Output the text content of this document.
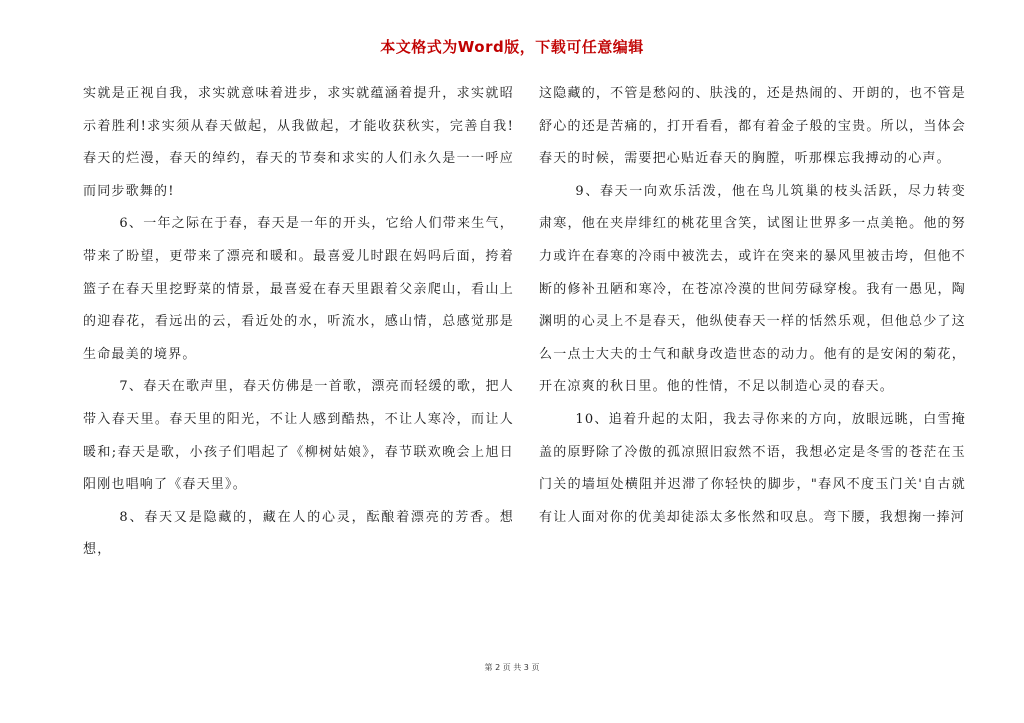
本文格式为Word版，下载可任意编辑

实就是正视自我，求实就意味着进步，求实就蕴涵着提升，求实就昭示着胜利!求实须从春天做起，从我做起，才能收获秋实，完善自我!春天的烂漫，春天的绰约，春天的节奏和求实的人们永久是一一呼应而同步歌舞的!

6、一年之际在于春，春天是一年的开头，它给人们带来生气，带来了盼望，更带来了漂亮和暖和。最喜爱儿时跟在妈吗后面，挎着篮子在春天里挖野菜的情景，最喜爱在春天里跟着父亲爬山，看山上的迎春花，看远出的云，看近处的水，听流水，感山情，总感觉那是生命最美的境界。

7、春天在歌声里，春天仿佛是一首歌，漂亮而轻缓的歌，把人带入春天里。春天里的阳光，不让人感到酷热，不让人寒冷，而让人暖和;春天是歌，小孩子们唱起了《柳树姑娘》，春节联欢晚会上旭日阳刚也唱响了《春天里》。

8、春天又是隐藏的，藏在人的心灵，酝酿着漂亮的芳香。想想，

这隐藏的，不管是愁闷的、肤浅的，还是热闹的、开朗的，也不管是舒心的还是苦痛的，打开看看，都有着金子般的宝贵。所以，当体会春天的时候，需要把心贴近春天的胸膛，听那棵忘我搏动的心声。

9、春天一向欢乐活泼，他在鸟儿筑巢的枝头活跃，尽力转变肃寒，他在夹岸绯红的桃花里含笑，试图让世界多一点美艳。他的努力或许在春寒的冷雨中被洗去，或许在突来的暴风里被击垮，但他不断的修补丑陋和寒冷，在苍凉冷漠的世间劳碌穿梭。我有一愚见，陶渊明的心灵上不是春天，他纵使春天一样的恬然乐观，但他总少了这么一点士大夫的士气和献身改造世态的动力。他有的是安闲的菊花，开在凉爽的秋日里。他的性情，不足以制造心灵的春天。

10、追着升起的太阳，我去寻你来的方向，放眼远眺，白雪掩盖的原野除了冷傲的孤凉照旧寂然不语，我想必定是冬雪的苍茫在玉门关的墙垣处横阻并迟滞了你轻快的脚步，"春风不度玉门关'自古就有让人面对你的优美却徒添太多怅然和叹息。弯下腰，我想掬一捧河

第 2 页 共 3 页
